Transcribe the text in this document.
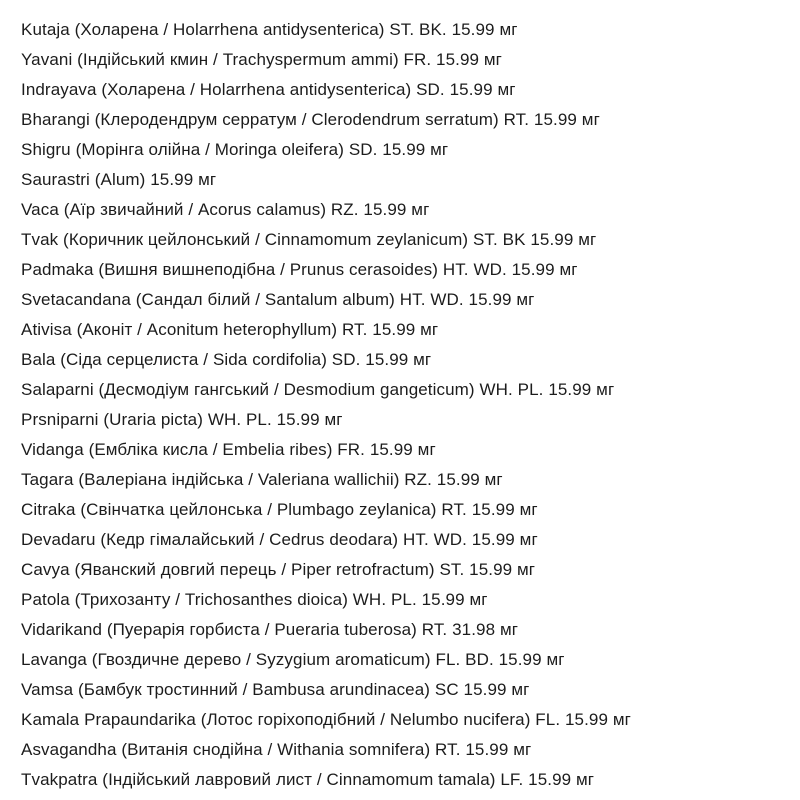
Kutaja (Холарена / Holarrhena antidysenterica) ST. BK. 15.99 мг
Yavani (Індійський кмин / Trachyspermum ammi) FR. 15.99 мг
Indrayava (Холарена / Holarrhena antidysenterica) SD. 15.99 мг
Bharangi (Клеродендрум серратум / Clerodendrum serratum) RT. 15.99 мг
Shigru (Морінга олійна / Moringa oleifera) SD. 15.99 мг
Saurastri (Alum) 15.99 мг
Vaca (Аїр звичайний / Acorus calamus) RZ. 15.99 мг
Tvak (Коричник цейлонський / Cinnamomum zeylanicum) ST. BK 15.99 мг
Padmaka (Вишня вишнеподібна / Prunus cerasoides) HT. WD. 15.99 мг
Svetacandana (Сандал білий / Santalum album) HT. WD. 15.99 мг
Ativisa (Аконіт / Aconitum heterophyllum) RT. 15.99 мг
Bala (Сіда серцелиста / Sida cordifolia) SD. 15.99 мг
Salaparni (Десмодіум гангський / Desmodium gangeticum) WH. PL. 15.99 мг
Prsniparni (Uraria picta) WH. PL. 15.99 мг
Vidanga (Ембліка кисла / Embelia ribes) FR. 15.99 мг
Tagara (Валеріана індійська / Valeriana wallichii) RZ. 15.99 мг
Citraka (Свінчатка цейлонська / Plumbago zeylanica) RT. 15.99 мг
Devadaru (Кедр гімалайський / Cedrus deodara) HT. WD. 15.99 мг
Cavya (Яванский довгий перець / Piper retrofractum) ST. 15.99 мг
Patola (Трихозанту / Trichosanthes dioica) WH. PL. 15.99 мг
Vidarikand (Пуерарія горбиста / Pueraria tuberosa) RT. 31.98 мг
Lavanga (Гвоздичне дерево / Syzygium aromaticum) FL. BD. 15.99 мг
Vamsa (Бамбук тростинний / Bambusa arundinacea) SC 15.99 мг
Kamala Prapaundarika (Лотос горіхоподібний / Nelumbo nucifera) FL. 15.99 мг
Asvagandha (Витанія снодійна / Withania somnifera) RT. 15.99 мг
Tvakpatra (Індійський лавровий лист / Cinnamomum tamala) LF. 15.99 мг
